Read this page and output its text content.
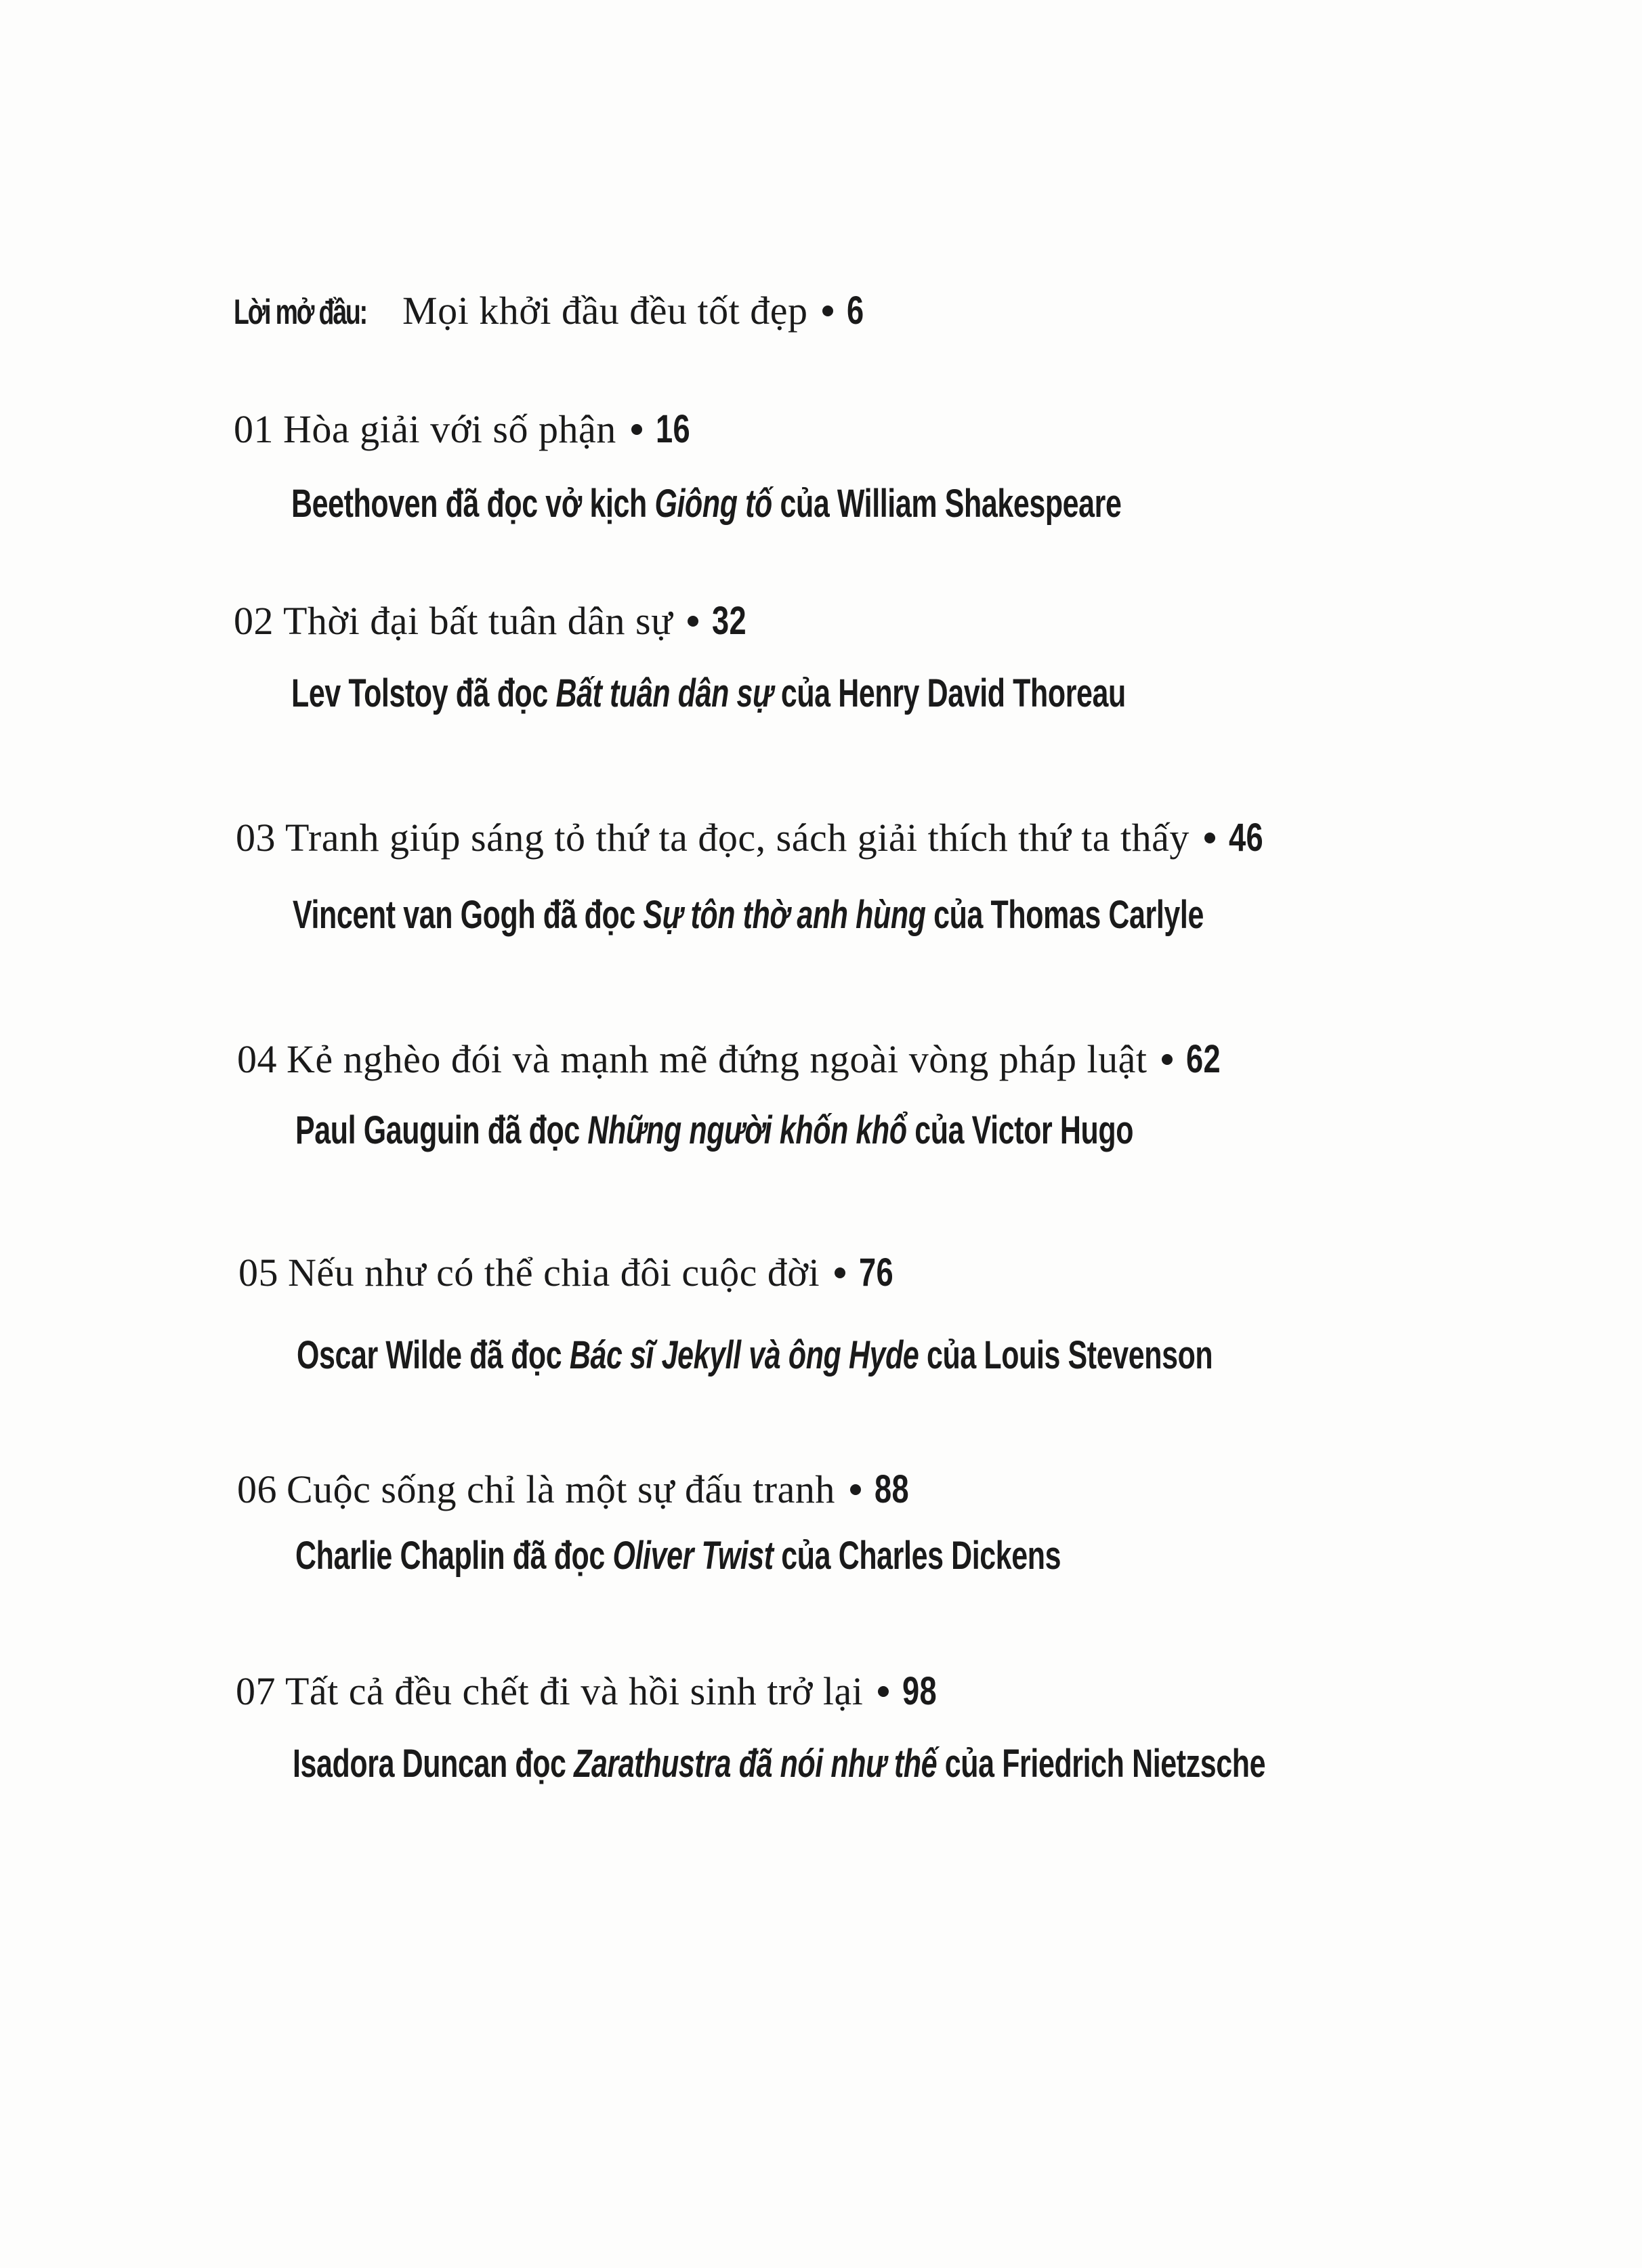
Lời mở đầu: Mọi khởi đầu đều tốt đẹp 6
01 Hòa giải với số phận 16
Beethoven đã đọc vở kịch Giông tố của William Shakespeare
02 Thời đại bất tuân dân sự 32
Lev Tolstoy đã đọc Bất tuân dân sự của Henry David Thoreau
03 Tranh giúp sáng tỏ thứ ta đọc, sách giải thích thứ ta thấy 46
Vincent van Gogh đã đọc Sự tôn thờ anh hùng của Thomas Carlyle
04 Kẻ nghèo đói và mạnh mẽ đứng ngoài vòng pháp luật 62
Paul Gauguin đã đọc Những người khốn khổ của Victor Hugo
05 Nếu như có thể chia đôi cuộc đời 76
Oscar Wilde đã đọc Bác sĩ Jekyll và ông Hyde của Louis Stevenson
06 Cuộc sống chỉ là một sự đấu tranh 88
Charlie Chaplin đã đọc Oliver Twist của Charles Dickens
07 Tất cả đều chết đi và hồi sinh trở lại 98
Isadora Duncan đọc Zarathustra đã nói như thế của Friedrich Nietzsche
